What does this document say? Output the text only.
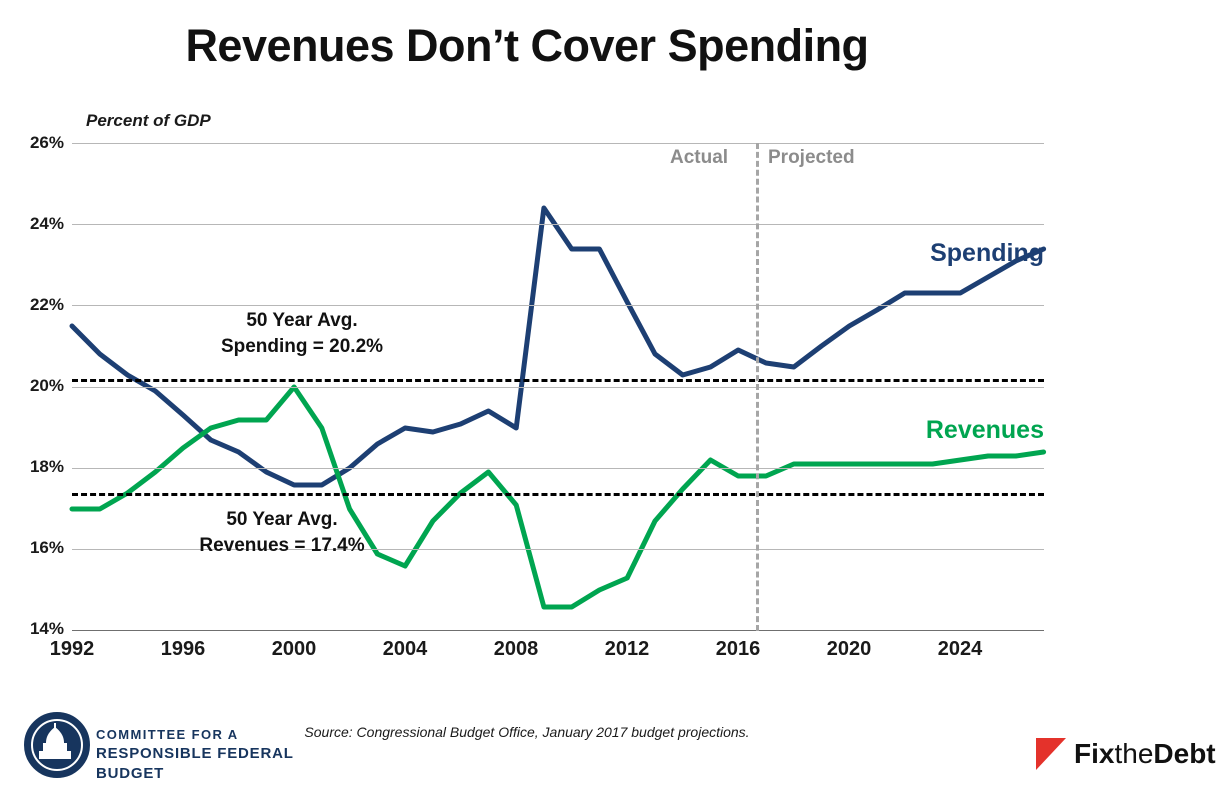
Revenues Don’t Cover Spending
Percent of GDP
26%
24%
22%
20%
18%
16%
14%
Actual Projected
50 Year Avg.
Spending = 20.2%
50 Year Avg.
Revenues = 17.4%
Spending
Revenues
1992	1996	2000	2004	2008	2012	2016	2020	2024
Source: Congressional Budget Office, January 2017 budget projections.
COMMITTEE FOR A
RESPONSIBLE FEDERAL BUDGET
FixtheDebt
